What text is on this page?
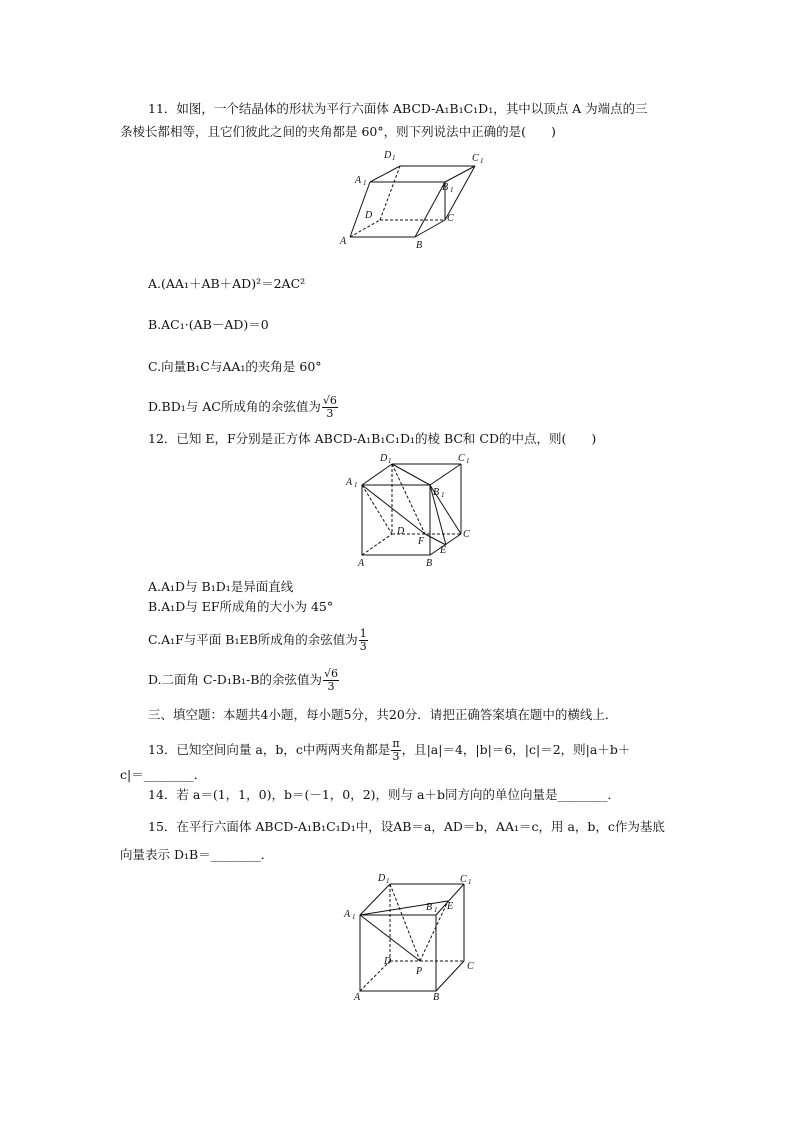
11．如图，一个结晶体的形状为平行六面体 ABCD-A₁B₁C₁D₁，其中以顶点 A 为端点的三
条棱长都相等，且它们彼此之间的夹角都是 60°，则下列说法中正确的是(　　)
D 1	C 1
A 1	B 1
D	C
A	B
A.(AA₁＋AB＋AD)²＝2AC²
B.AC₁·(AB－AD)＝0
C.向量B₁C与AA₁的夹角是 60°
D.BD₁与 AC所成角的余弦值为 $\frac{√6}{3}$
12．已知 E，F分别是正方体 ABCD-A₁B₁C₁D₁的棱 BC和 CD的中点，则(　　)
D 1	C 1
A 1
B 1
D
F
E
C
A	B
A.A₁D与 B₁D₁是异面直线
B.A₁D与 EF所成角的大小为 45°
C.A₁F与平面 B₁EB所成角的余弦值为 $\frac{1}{3}$
D.二面角 C-D₁B₁-B的余弦值为 $\frac{√6}{3}$
三、填空题：本题共4小题，每小题5分，共20分．请把正确答案填在题中的横线上．
13．已知空间向量 a，b，c中两两夹角都是 $\frac{\pi}{3}$ ，且|a|＝4，|b|＝6，|c|＝2，则|a＋b＋
c|＝________．
14．若 a＝(1，1，0)，b＝(－1，0，2)，则与 a＋b同方向的单位向量是________．
15．在平行六面体 ABCD-A₁B₁C₁D₁中，设AB＝a，AD＝b，AA₁＝c，用 a，b，c作为基底
向量表示 D₁B＝________．
D 1	C 1
A 1
B 1 E
D
P	C
A	B
